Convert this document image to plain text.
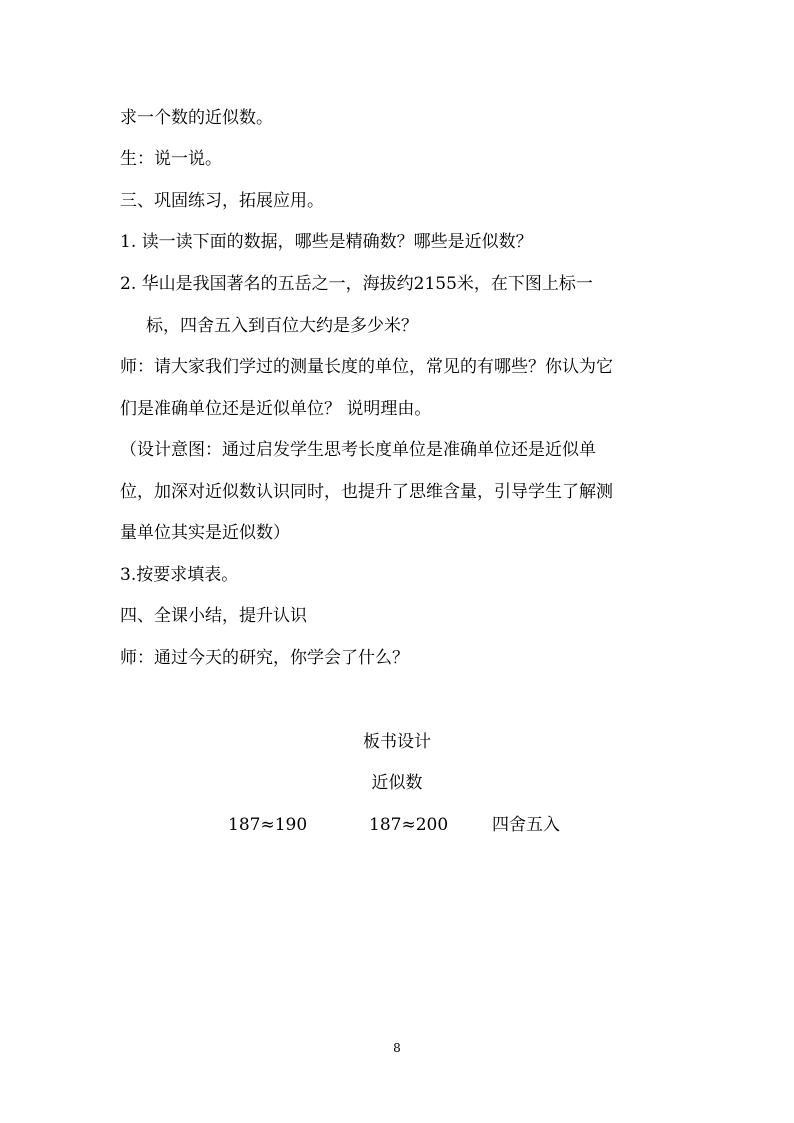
求一个数的近似数。
生：说一说。
三、巩固练习，拓展应用。
1. 读一读下面的数据，哪些是精确数？哪些是近似数？
2. 华山是我国著名的五岳之一，海拔约2155米，在下图上标一
标，四舍五入到百位大约是多少米？
师：请大家我们学过的测量长度的单位，常见的有哪些？你认为它
们是准确单位还是近似单位？ 说明理由。
（设计意图：通过启发学生思考长度单位是准确单位还是近似单
位，加深对近似数认识同时，也提升了思维含量，引导学生了解测
量单位其实是近似数）
3.按要求填表。
四、全课小结，提升认识
师：通过今天的研究，你学会了什么？
板书设计
近似数
187≈190	187≈200	四舍五入
8
